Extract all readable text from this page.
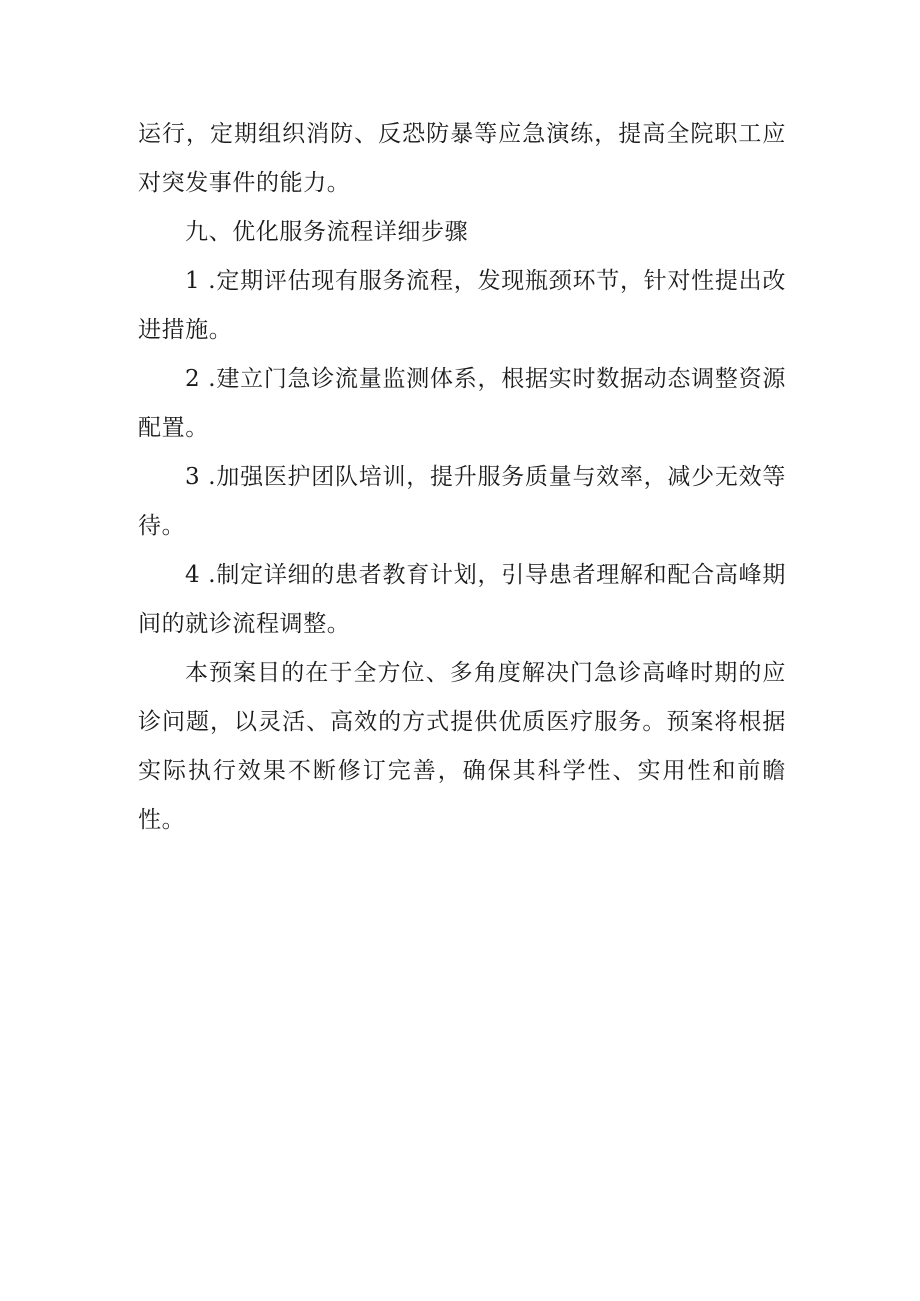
运行，定期组织消防、反恐防暴等应急演练，提高全院职工应对突发事件的能力。

九、优化服务流程详细步骤

1 .定期评估现有服务流程，发现瓶颈环节，针对性提出改进措施。

2 .建立门急诊流量监测体系，根据实时数据动态调整资源配置。

3 .加强医护团队培训，提升服务质量与效率，减少无效等待。

4 .制定详细的患者教育计划，引导患者理解和配合高峰期间的就诊流程调整。

本预案目的在于全方位、多角度解决门急诊高峰时期的应诊问题，以灵活、高效的方式提供优质医疗服务。预案将根据实际执行效果不断修订完善，确保其科学性、实用性和前瞻性。
